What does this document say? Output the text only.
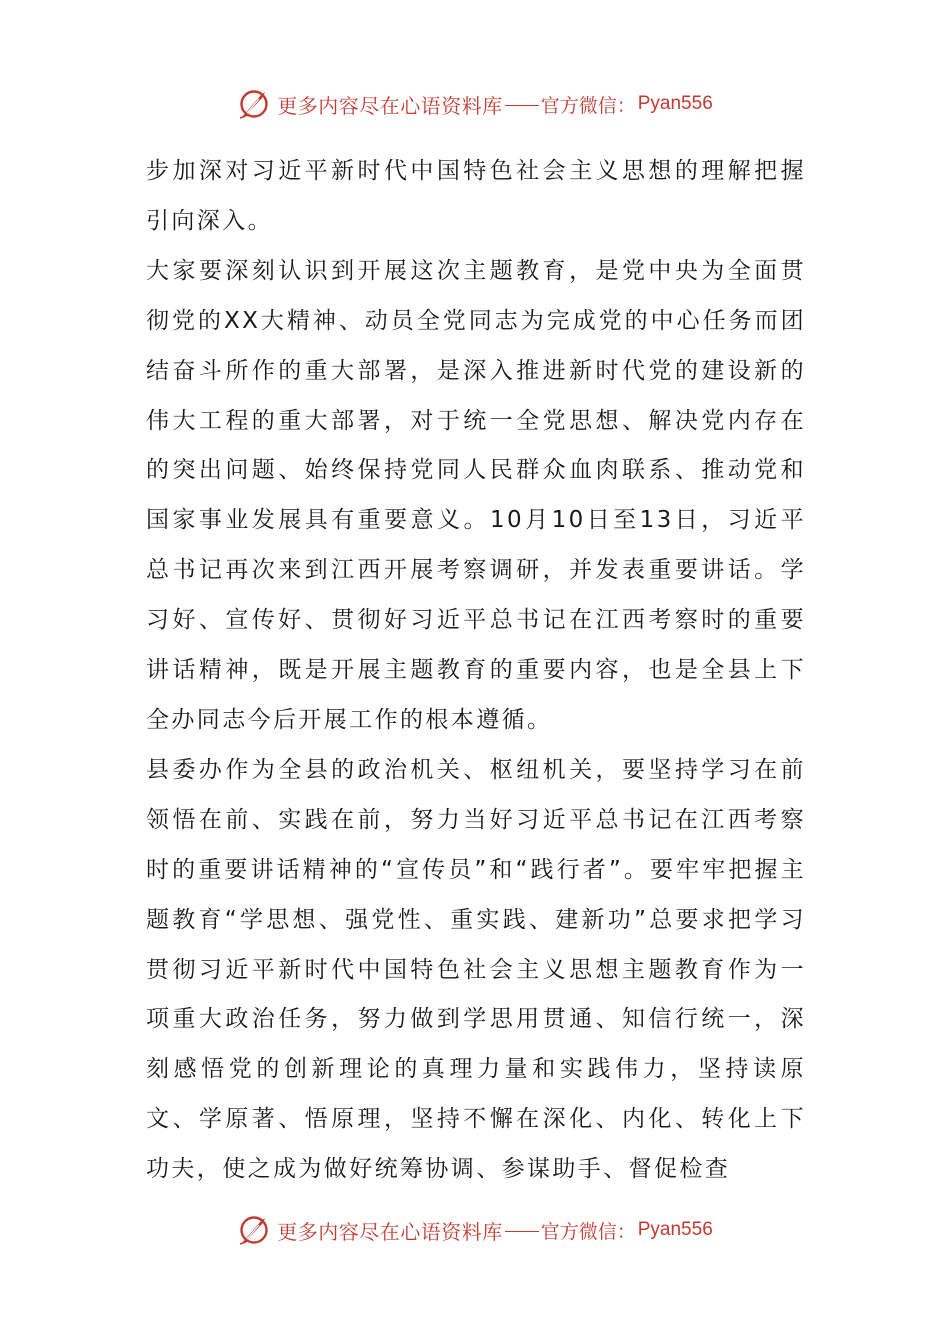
更多内容尽在心语资料库 官方微信： Pyan556

步加深对习近平新时代中国特色社会主义思想的理解把握引向深入。

大家要深刻认识到开展这次主题教育，是党中央为全面贯彻党的XX大精神、动员全党同志为完成党的中心任务而团结奋斗所作的重大部署，是深入推进新时代党的建设新的伟大工程的重大部署，对于统一全党思想、解决党内存在的突出问题、始终保持党同人民群众血肉联系、推动党和国家事业发展具有重要意义。10月10日至13日，习近平总书记再次来到江西开展考察调研，并发表重要讲话。学习好、宣传好、贯彻好习近平总书记在江西考察时的重要讲话精神，既是开展主题教育的重要内容，也是全县上下全办同志今后开展工作的根本遵循。

县委办作为全县的政治机关、枢纽机关，要坚持学习在前领悟在前、实践在前，努力当好习近平总书记在江西考察时的重要讲话精神的“宣传员”和“践行者”。要牢牢把握主题教育“学思想、强党性、重实践、建新功”总要求把学习贯彻习近平新时代中国特色社会主义思想主题教育作为一项重大政治任务，努力做到学思用贯通、知信行统一，深刻感悟党的创新理论的真理力量和实践伟力，坚持读原文、学原著、悟原理，坚持不懈在深化、内化、转化上下功夫，使之成为做好统筹协调、参谋助手、督促检查

更多内容尽在心语资料库 官方微信： Pyan556
